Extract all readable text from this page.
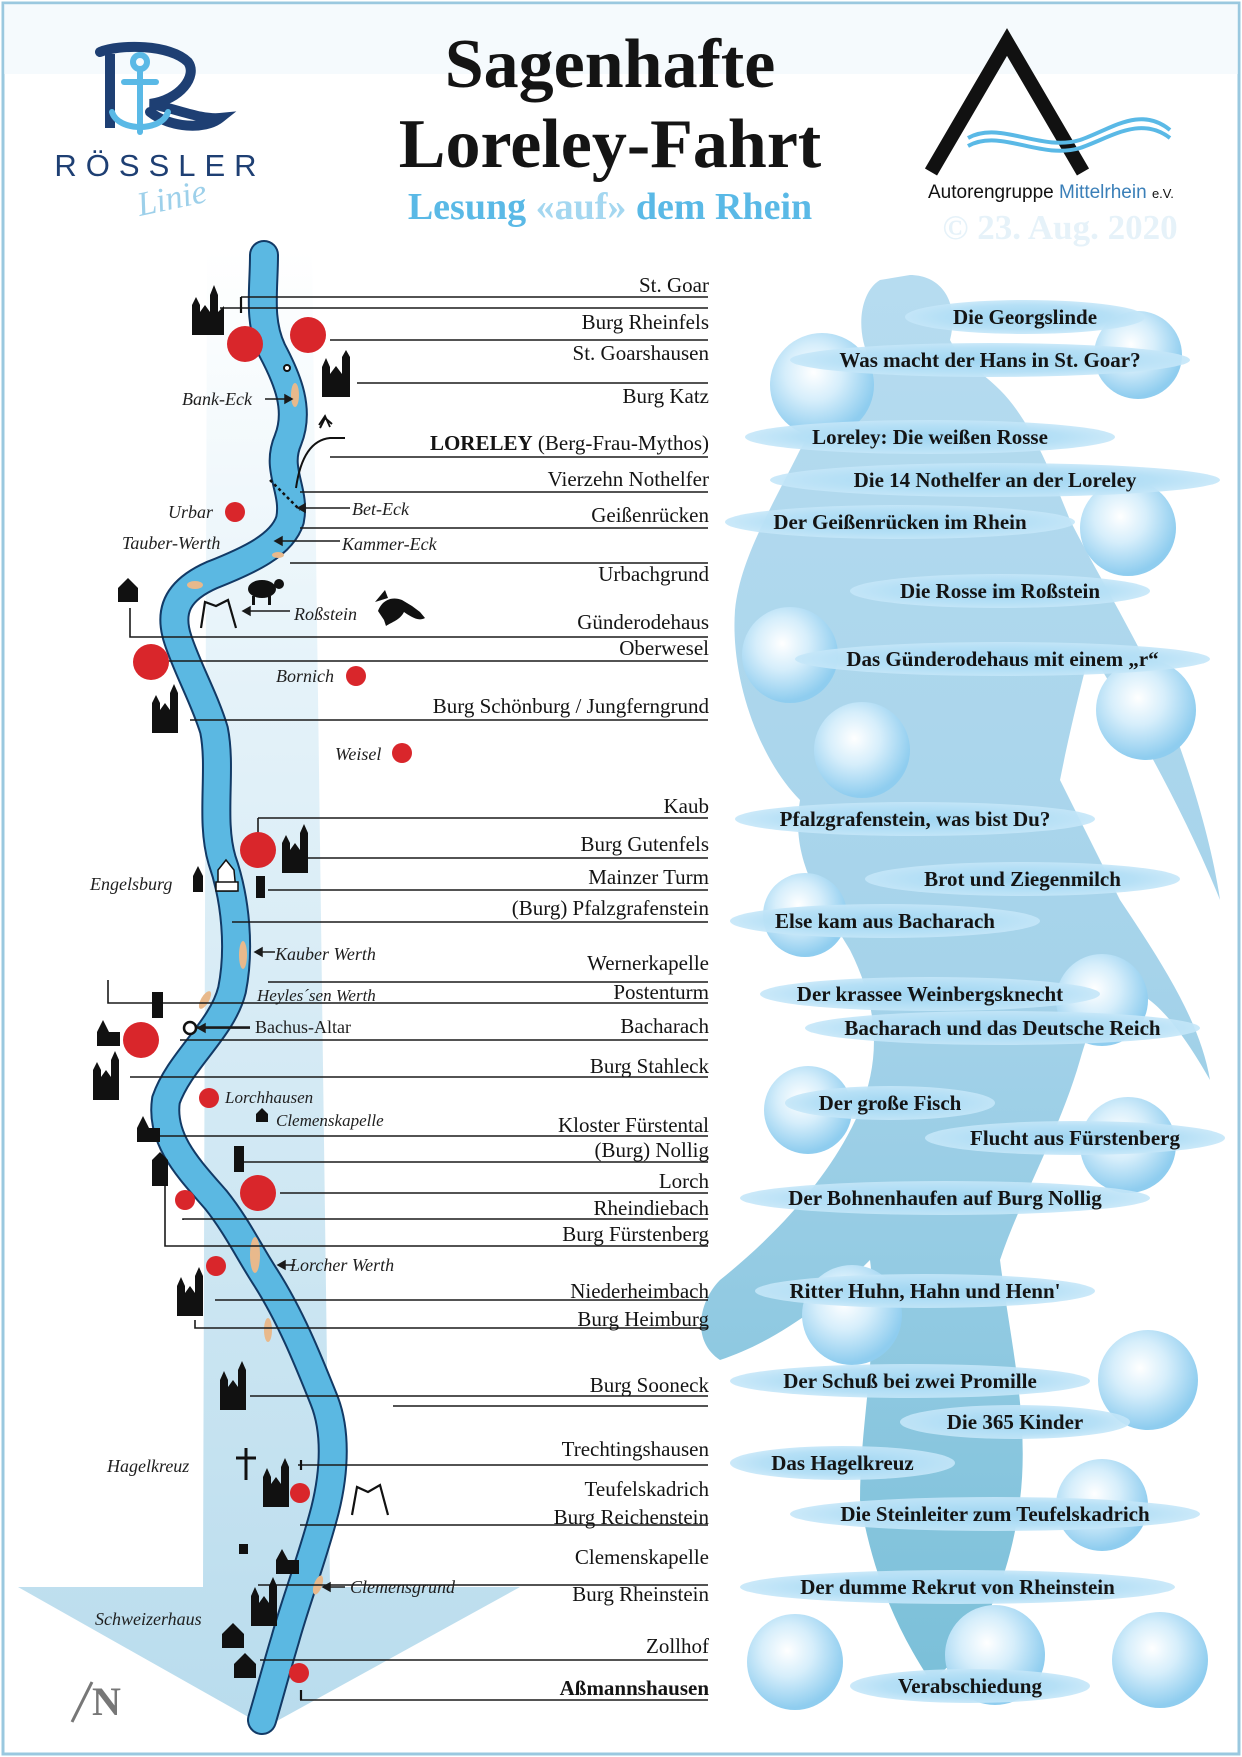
Sagenhafte
Loreley-Fahrt
Lesung «auf» dem Rhein	© 23. Aug. 2020
RÖSSLER
Linie	Autorengruppe Mittelrhein e.V.
N
St. Goar
Burg Rheinfels
St. Goarshausen
Burg Katz
LORELEY (Berg-Frau-Mythos)
Vierzehn Nothelfer
Geißenrücken
Urbachgrund
Günderodehaus
Oberwesel
Burg Schönburg / Jungferngrund
Kaub
Burg Gutenfels
Mainzer Turm
(Burg) Pfalzgrafenstein
Wernerkapelle
Postenturm
Bacharach
Burg Stahleck
Kloster Fürstental
(Burg) Nollig
Lorch
Rheindiebach
Burg Fürstenberg
Niederheimbach
Burg Heimburg
Burg Sooneck
Trechtingshausen
Teufelskadrich
Burg Reichenstein
Clemenskapelle
Burg Rheinstein
Zollhof
Aßmannshausen
Bank-Eck
Urbar	Bet-Eck
Tauber-Werth	Kammer-Eck
Roßstein
Bornich
Weisel
Engelsburg
Kauber Werth
Heyles´sen Werth
Bachus-Altar
Lorchhausen
Clemenskapelle
Lorcher Werth
Hagelkreuz
Clemensgrund
Schweizerhaus
Die Georgslinde
Was macht der Hans in St. Goar?
Loreley: Die weißen Rosse
Die 14 Nothelfer an der Loreley
Der Geißenrücken im Rhein
Die Rosse im Roßstein
Das Günderodehaus mit einem „r“
Pfalzgrafenstein, was bist Du?
Brot und Ziegenmilch
Else kam aus Bacharach
Der krassee Weinbergsknecht
Bacharach und das Deutsche Reich
Der große Fisch
Flucht aus Fürstenberg
Der Bohnenhaufen auf Burg Nollig
Ritter Huhn, Hahn und Henn'
Der Schuß bei zwei Promille
Die 365 Kinder
Das Hagelkreuz
Die Steinleiter zum Teufelskadrich
Der dumme Rekrut von Rheinstein
Verabschiedung
